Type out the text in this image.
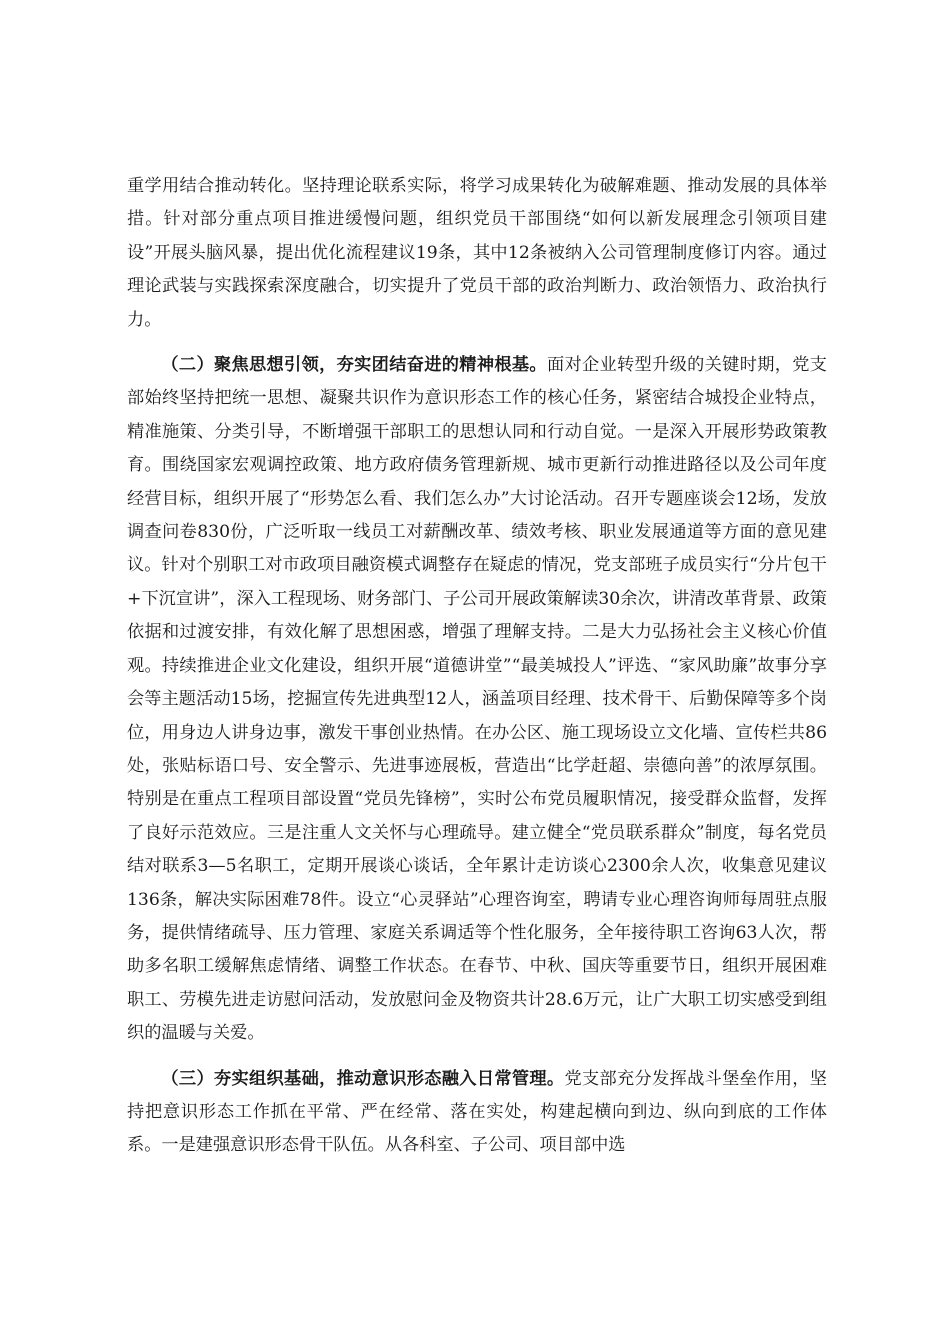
重学用结合推动转化。坚持理论联系实际，将学习成果转化为破解难题、推动发展的具体举措。针对部分重点项目推进缓慢问题，组织党员干部围绕“如何以新发展理念引领项目建设”开展头脑风暴，提出优化流程建议19条，其中12条被纳入公司管理制度修订内容。通过理论武装与实践探索深度融合，切实提升了党员干部的政治判断力、政治领悟力、政治执行力。

（二）聚焦思想引领，夯实团结奋进的精神根基。面对企业转型升级的关键时期，党支部始终坚持把统一思想、凝聚共识作为意识形态工作的核心任务，紧密结合城投企业特点，精准施策、分类引导，不断增强干部职工的思想认同和行动自觉。一是深入开展形势政策教育。围绕国家宏观调控政策、地方政府债务管理新规、城市更新行动推进路径以及公司年度经营目标，组织开展了“形势怎么看、我们怎么办”大讨论活动。召开专题座谈会12场，发放调查问卷830份，广泛听取一线员工对薪酬改革、绩效考核、职业发展通道等方面的意见建议。针对个别职工对市政项目融资模式调整存在疑虑的情况，党支部班子成员实行“分片包干+下沉宣讲”，深入工程现场、财务部门、子公司开展政策解读30余次，讲清改革背景、政策依据和过渡安排，有效化解了思想困惑，增强了理解支持。二是大力弘扬社会主义核心价值观。持续推进企业文化建设，组织开展“道德讲堂”“最美城投人”评选、“家风助廉”故事分享会等主题活动15场，挖掘宣传先进典型12人，涵盖项目经理、技术骨干、后勤保障等多个岗位，用身边人讲身边事，激发干事创业热情。在办公区、施工现场设立文化墙、宣传栏共86处，张贴标语口号、安全警示、先进事迹展板，营造出“比学赶超、崇德向善”的浓厚氛围。特别是在重点工程项目部设置“党员先锋榜”，实时公布党员履职情况，接受群众监督，发挥了良好示范效应。三是注重人文关怀与心理疏导。建立健全“党员联系群众”制度，每名党员结对联系3—5名职工，定期开展谈心谈话，全年累计走访谈心2300余人次，收集意见建议136条，解决实际困难78件。设立“心灵驿站”心理咨询室，聘请专业心理咨询师每周驻点服务，提供情绪疏导、压力管理、家庭关系调适等个性化服务，全年接待职工咨询63人次，帮助多名职工缓解焦虑情绪、调整工作状态。在春节、中秋、国庆等重要节日，组织开展困难职工、劳模先进走访慰问活动，发放慰问金及物资共计28.6万元，让广大职工切实感受到组织的温暖与关爱。

（三）夯实组织基础，推动意识形态融入日常管理。党支部充分发挥战斗堡垒作用，坚持把意识形态工作抓在平常、严在经常、落在实处，构建起横向到边、纵向到底的工作体系。一是建强意识形态骨干队伍。从各科室、子公司、项目部中选
